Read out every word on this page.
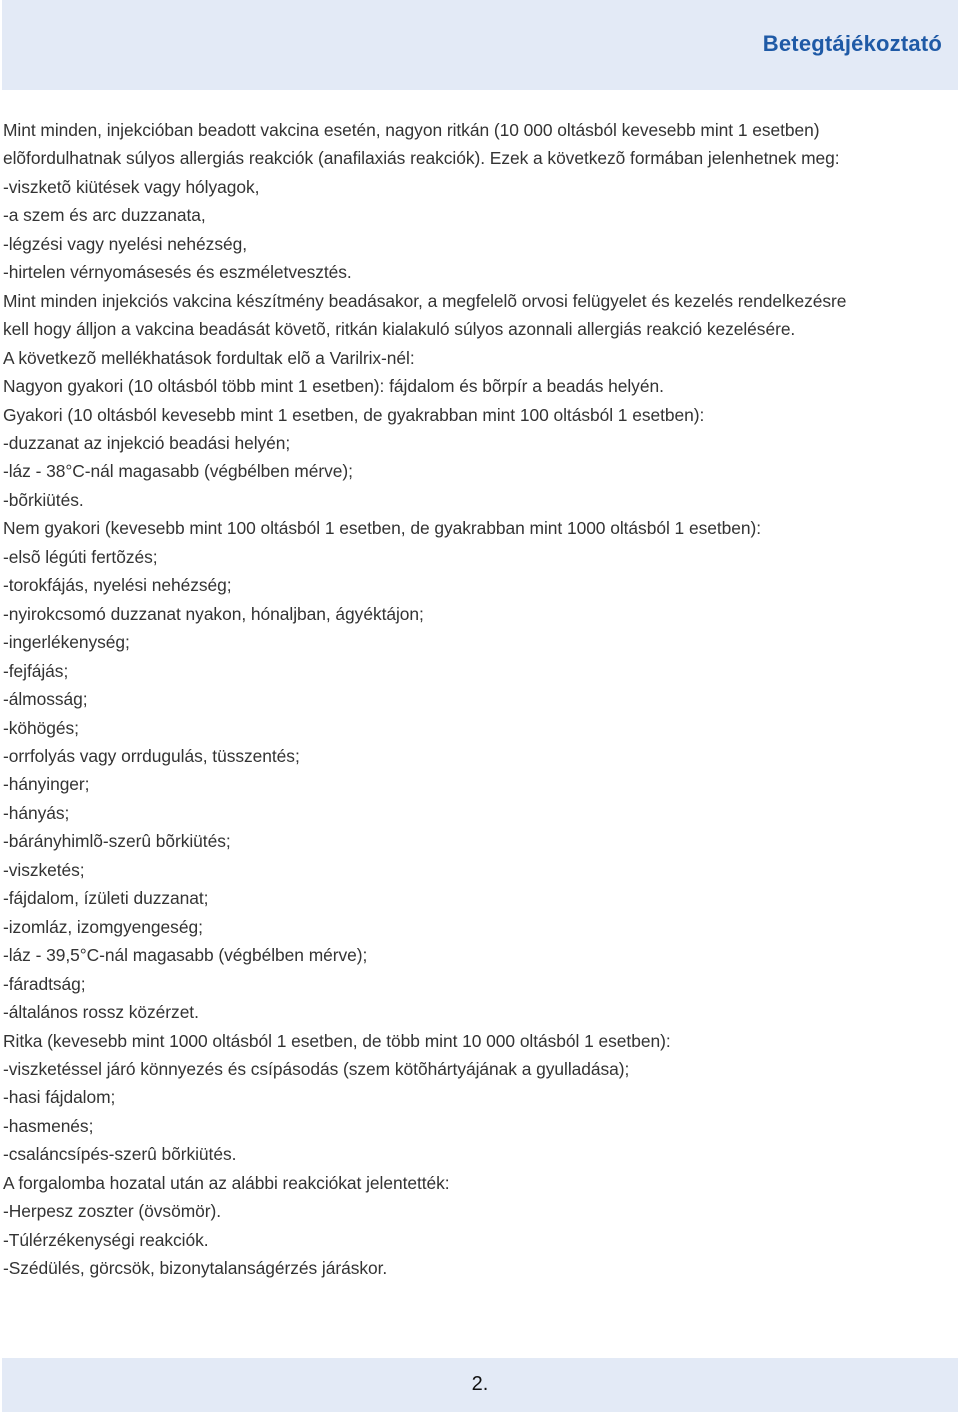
Betegtájékoztató
Mint minden, injekcióban beadott vakcina esetén, nagyon ritkán (10 000 oltásból kevesebb mint 1 esetben)
elõfordulhatnak súlyos allergiás reakciók (anafilaxiás reakciók). Ezek a következõ formában jelenhetnek meg:
-viszketõ kiütések vagy hólyagok,
-a szem és arc duzzanata,
-légzési vagy nyelési nehézség,
-hirtelen vérnyomásesés és eszméletvesztés.
Mint minden injekciós vakcina készítmény beadásakor, a megfelelõ orvosi felügyelet és kezelés rendelkezésre
kell hogy álljon a vakcina beadását követõ, ritkán kialakuló súlyos azonnali allergiás reakció kezelésére.
A következõ mellékhatások fordultak elõ a Varilrix-nél:
Nagyon gyakori (10 oltásból több mint 1 esetben): fájdalom és bõrpír a beadás helyén.
Gyakori (10 oltásból kevesebb mint 1 esetben, de gyakrabban mint 100 oltásból 1 esetben):
-duzzanat az injekció beadási helyén;
-láz - 38°C-nál magasabb (végbélben mérve);
-bõrkiütés.
Nem gyakori (kevesebb mint 100 oltásból 1 esetben, de gyakrabban mint 1000 oltásból 1 esetben):
-elsõ légúti fertõzés;
-torokfájás, nyelési nehézség;
-nyirokcsomó duzzanat nyakon, hónaljban, ágyéktájon;
-ingerlékenység;
-fejfájás;
-álmosság;
-köhögés;
-orrfolyás vagy orrdugulás, tüsszentés;
-hányinger;
-hányás;
-bárányhimlõ-szerû bõrkiütés;
-viszketés;
-fájdalom, ízületi duzzanat;
-izomláz, izomgyengeség;
-láz - 39,5°C-nál magasabb (végbélben mérve);
-fáradtság;
-általános rossz közérzet.
Ritka (kevesebb mint 1000 oltásból 1 esetben, de több mint 10 000 oltásból 1 esetben):
-viszketéssel járó könnyezés és csípásodás (szem kötõhártyájának a gyulladása);
-hasi fájdalom;
-hasmenés;
-csaláncsípés-szerû bõrkiütés.
A forgalomba hozatal után az alábbi reakciókat jelentették:
-Herpesz zoszter (övsömör).
-Túlérzékenységi reakciók.
-Szédülés, görcsök, bizonytalanságérzés járáskor.
2.
